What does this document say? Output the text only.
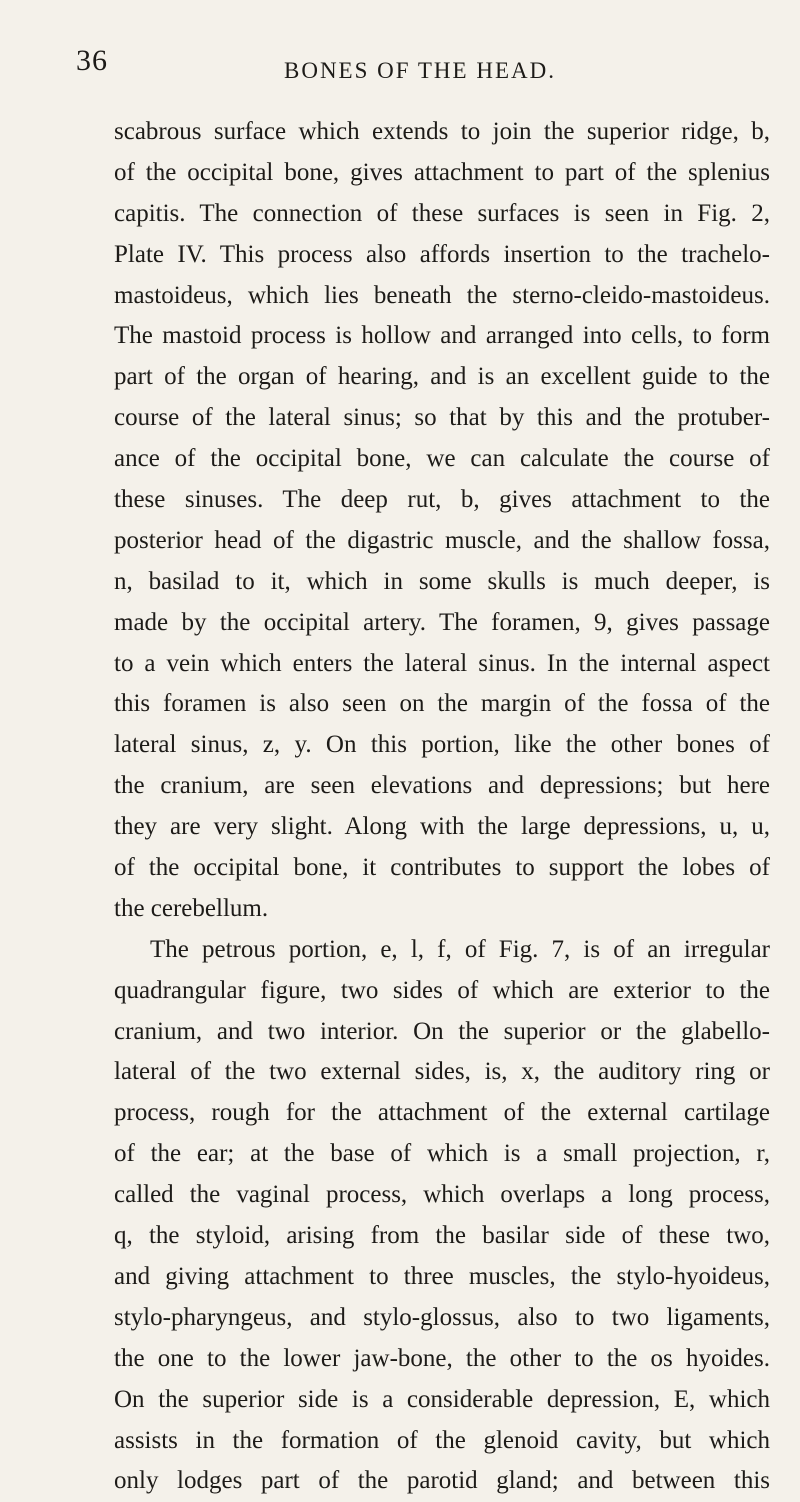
36	BONES OF THE HEAD.
scabrous surface which extends to join the superior ridge, b,
of the occipital bone, gives attachment to part of the splenius
capitis. The connection of these surfaces is seen in Fig. 2,
Plate IV. This process also affords insertion to the trachelo-
mastoideus, which lies beneath the sterno-cleido-mastoideus.
The mastoid process is hollow and arranged into cells, to form
part of the organ of hearing, and is an excellent guide to the
course of the lateral sinus; so that by this and the protuber-
ance of the occipital bone, we can calculate the course of
these sinuses. The deep rut, b, gives attachment to the
posterior head of the digastric muscle, and the shallow fossa,
n, basilad to it, which in some skulls is much deeper, is
made by the occipital artery. The foramen, 9, gives passage
to a vein which enters the lateral sinus. In the internal aspect
this foramen is also seen on the margin of the fossa of the
lateral sinus, z, y. On this portion, like the other bones of
the cranium, are seen elevations and depressions; but here
they are very slight. Along with the large depressions, u, u,
of the occipital bone, it contributes to support the lobes of
the cerebellum.
The petrous portion, e, l, f, of Fig. 7, is of an irregular
quadrangular figure, two sides of which are exterior to the
cranium, and two interior. On the superior or the glabello-
lateral of the two external sides, is, x, the auditory ring or
process, rough for the attachment of the external cartilage
of the ear; at the base of which is a small projection, r,
called the vaginal process, which overlaps a long process,
q, the styloid, arising from the basilar side of these two,
and giving attachment to three muscles, the stylo-hyoideus,
stylo-pharyngeus, and stylo-glossus, also to two ligaments,
the one to the lower jaw-bone, the other to the os hyoides.
On the superior side is a considerable depression, E, which
assists in the formation of the glenoid cavity, but which
only lodges part of the parotid gland; and between this
